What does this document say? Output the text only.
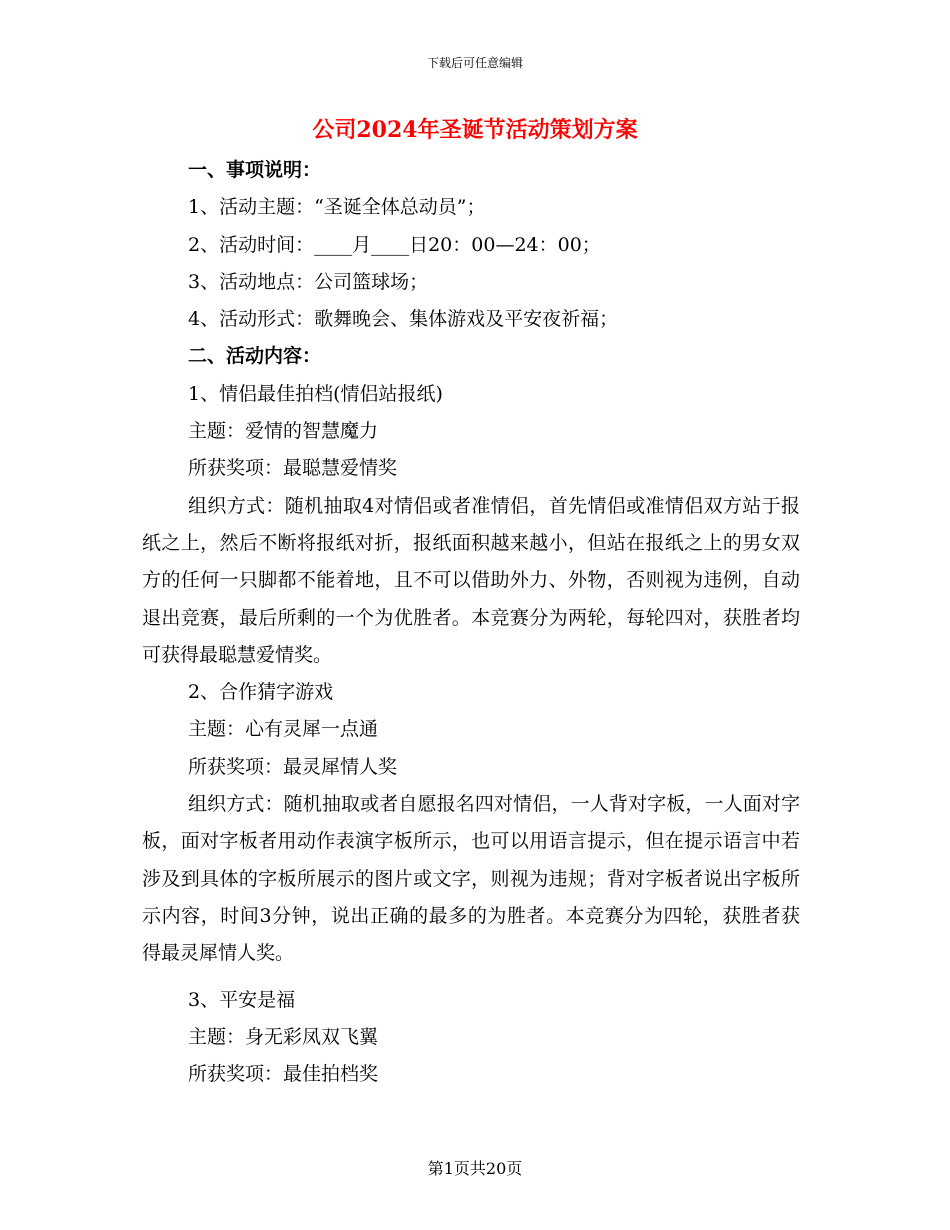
下载后可任意编辑
公司2024年圣诞节活动策划方案

一、事项说明：

1、活动主题：“圣诞全体总动员”；

2、活动时间：____月____日20：00—24：00；

3、活动地点：公司篮球场；

4、活动形式：歌舞晚会、集体游戏及平安夜祈福；

二、活动内容：

1、情侣最佳拍档(情侣站报纸)

主题：爱情的智慧魔力

所获奖项：最聪慧爱情奖

组织方式：随机抽取4对情侣或者准情侣，首先情侣或准情侣双方站于报纸之上，然后不断将报纸对折，报纸面积越来越小，但站在报纸之上的男女双方的任何一只脚都不能着地，且不可以借助外力、外物，否则视为违例，自动退出竞赛，最后所剩的一个为优胜者。本竞赛分为两轮，每轮四对，获胜者均可获得最聪慧爱情奖。

2、合作猜字游戏

主题：心有灵犀一点通

所获奖项：最灵犀情人奖

组织方式：随机抽取或者自愿报名四对情侣，一人背对字板，一人面对字板，面对字板者用动作表演字板所示，也可以用语言提示，但在提示语言中若涉及到具体的字板所展示的图片或文字，则视为违规；背对字板者说出字板所示内容，时间3分钟，说出正确的最多的为胜者。本竞赛分为四轮，获胜者获得最灵犀情人奖。

3、平安是福

主题：身无彩凤双飞翼

所获奖项：最佳拍档奖

第1页共20页
